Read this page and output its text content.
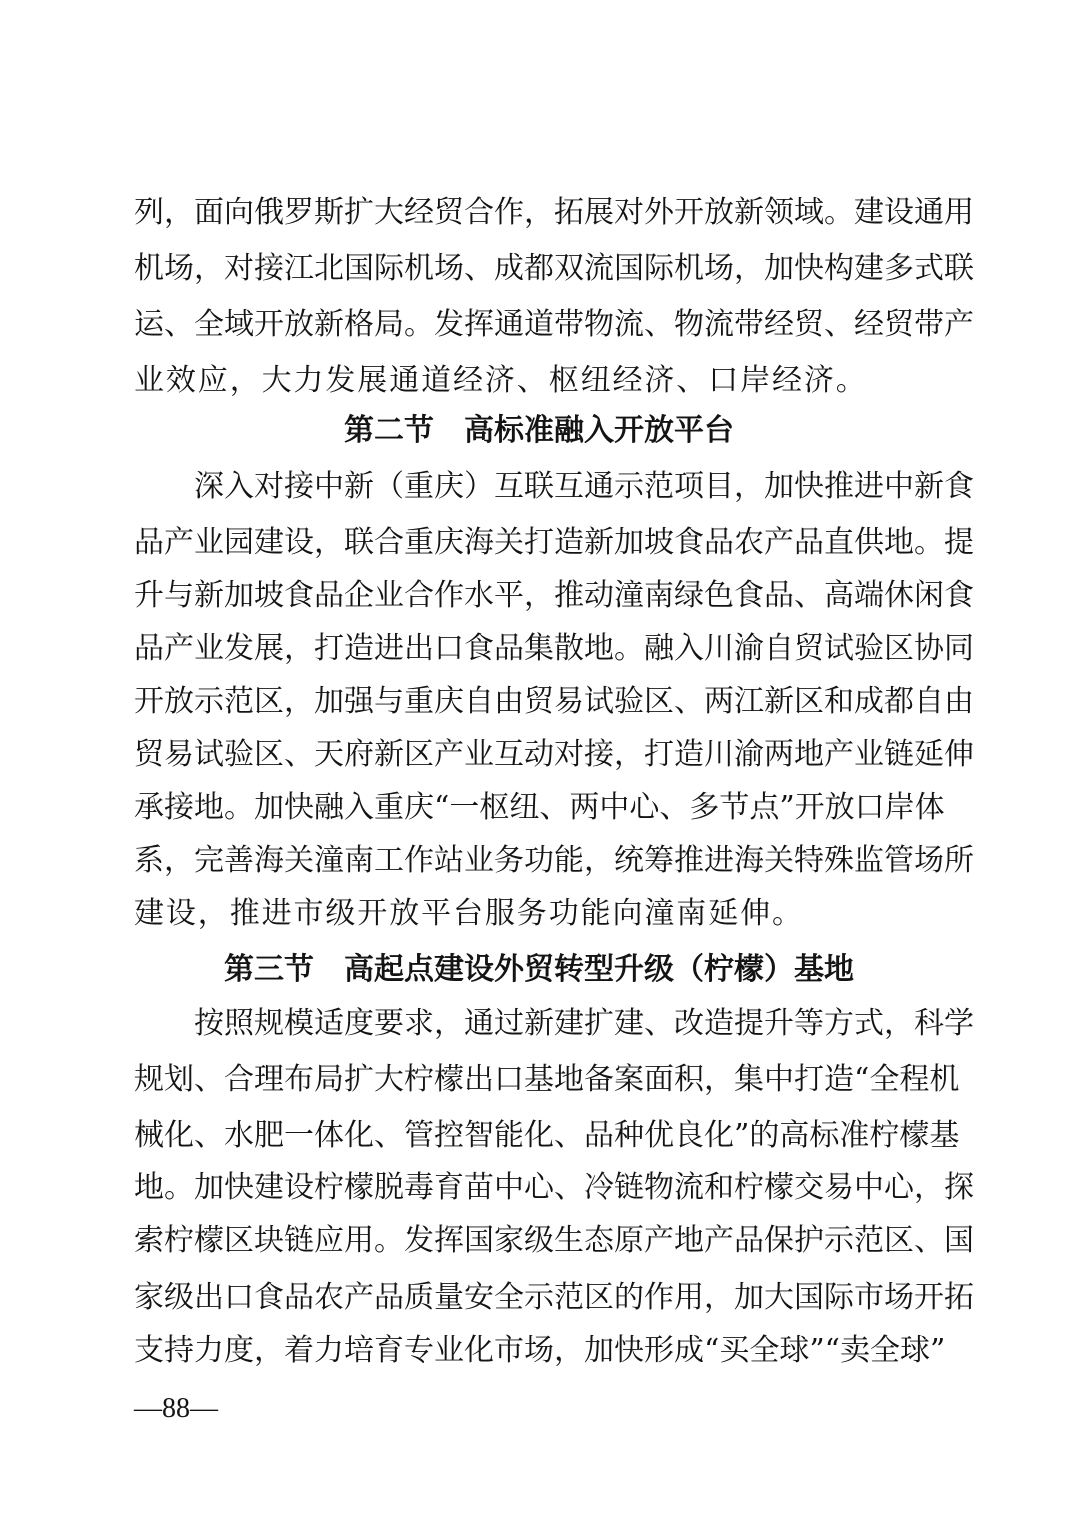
列，面向俄罗斯扩大经贸合作，拓展对外开放新领域。建设通用
机场，对接江北国际机场、成都双流国际机场，加快构建多式联
运、全域开放新格局。发挥通道带物流、物流带经贸、经贸带产
业效应，大力发展通道经济、枢纽经济、口岸经济。
第二节　高标准融入开放平台
深入对接中新（重庆）互联互通示范项目，加快推进中新食
品产业园建设，联合重庆海关打造新加坡食品农产品直供地。提
升与新加坡食品企业合作水平，推动潼南绿色食品、高端休闲食
品产业发展，打造进出口食品集散地。融入川渝自贸试验区协同
开放示范区，加强与重庆自由贸易试验区、两江新区和成都自由
贸易试验区、天府新区产业互动对接，打造川渝两地产业链延伸
承接地。加快融入重庆“一枢纽、两中心、多节点”开放口岸体
系，完善海关潼南工作站业务功能，统筹推进海关特殊监管场所
建设，推进市级开放平台服务功能向潼南延伸。
第三节　高起点建设外贸转型升级（柠檬）基地
按照规模适度要求，通过新建扩建、改造提升等方式，科学
规划、合理布局扩大柠檬出口基地备案面积，集中打造“全程机
械化、水肥一体化、管控智能化、品种优良化”的高标准柠檬基
地。加快建设柠檬脱毒育苗中心、冷链物流和柠檬交易中心，探
索柠檬区块链应用。发挥国家级生态原产地产品保护示范区、国
家级出口食品农产品质量安全示范区的作用，加大国际市场开拓
支持力度，着力培育专业化市场，加快形成“买全球”“卖全球”
—88—
